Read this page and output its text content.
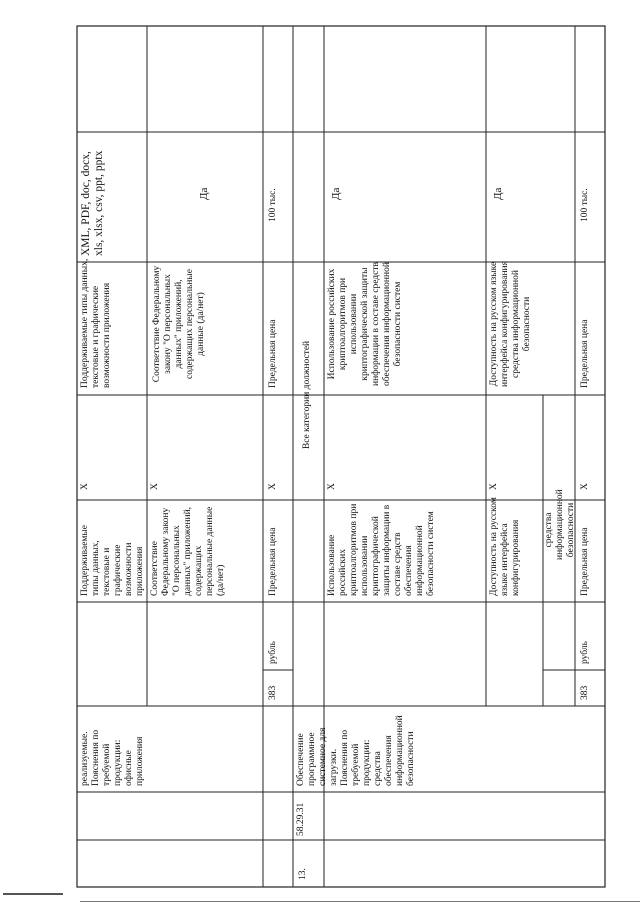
реализуемые. Пояснения по требуемой продукции: офисные приложения
Поддерживаемые типы данных, текстовые и графические возможности приложения
X
Поддерживаемые типы данных, текстовые и графические возможности приложения
XML, PDF, doc, docx, xls, xlsx, csv, ppt, pptx
Соответствие Федеральному закону "О персональных данных" приложений, содержащих персональные данные (да/нет)
X
Соответствие Федеральному закону "О персональных данных" приложений, содержащих персональные данные (да/нет)
Да
383
рубль
Предельная цена
X
Предельная цена
100 тыс.
13.
58.29.31
Обеспечение программное системное для загрузки. Пояснения по требуемой продукции: средства обеспечения информационной безопасности
Все категории должностей
Использование российских криптоалгоритмов при использовании криптографической защиты информации в составе средств обеспечения информационной безопасности систем
X
Использование российских криптоалгоритмов при использовании криптографической защиты информации в составе средств обеспечения информационной безопасности систем
Да
Доступность на русском языке интерфейса конфигурирования	средства информационной безопасности
X
Доступность на русском языке интерфейса конфигурирования средства информационной безопасности
Да
383
рубль
Предельная цена
X
Предельная цена
100 тыс.
